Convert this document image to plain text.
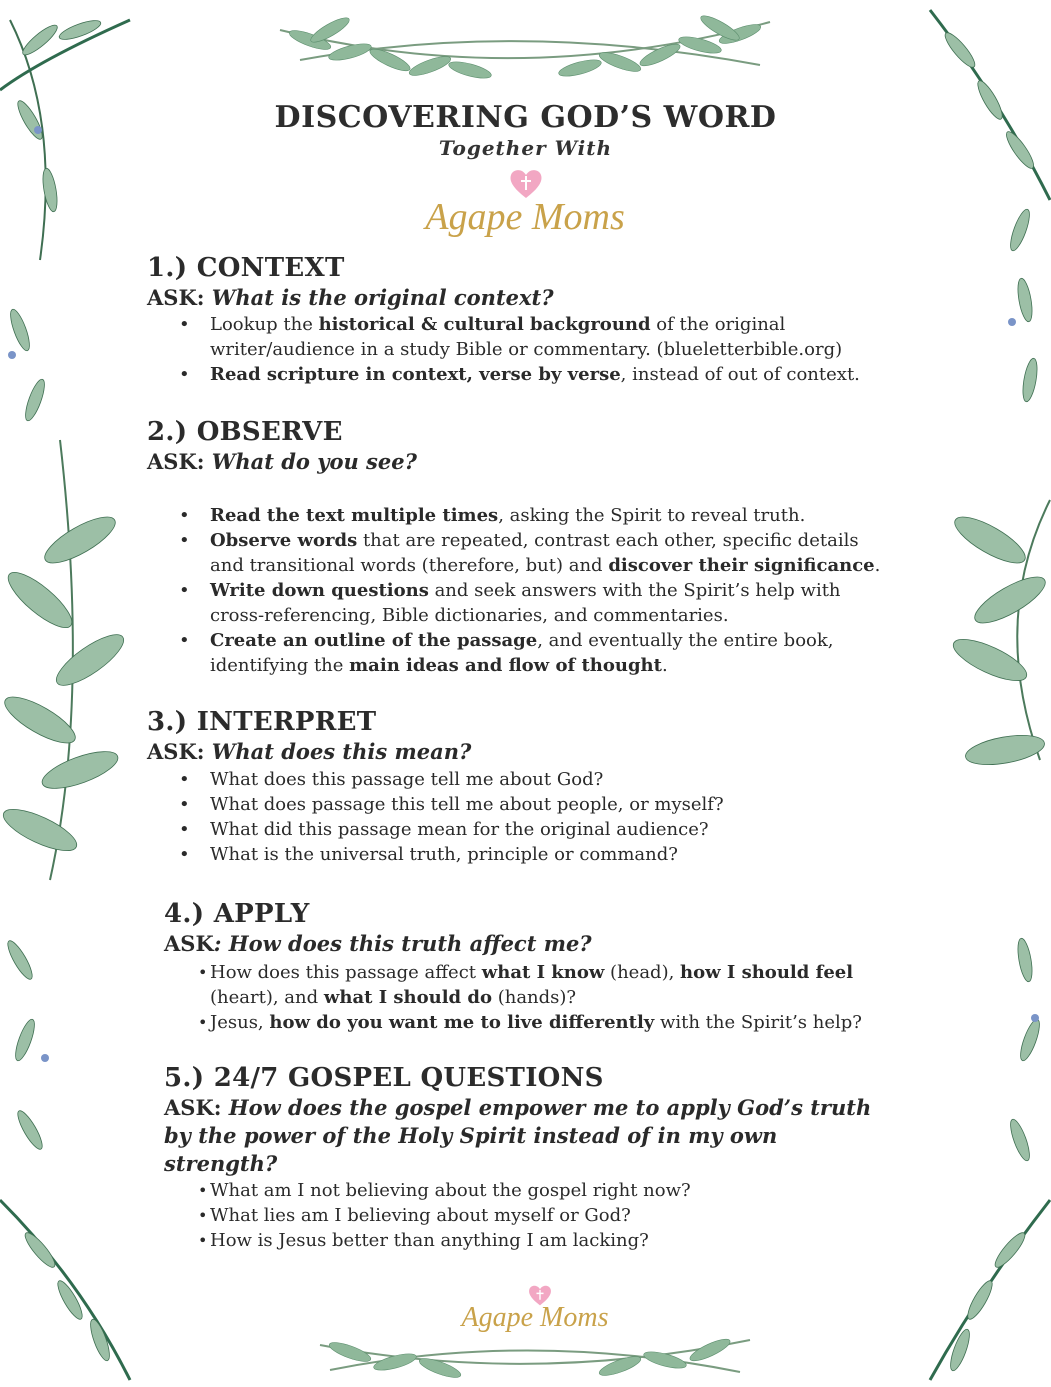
DISCOVERING GOD’S WORD
Together With
Agape Moms
1.) CONTEXT
ASK: What is the original context?
• Lookup the historical & cultural background of the original writer/audience in a study Bible or commentary. (blueletterbible.org)
• Read scripture in context, verse by verse, instead of out of context.
2.) OBSERVE
ASK: What do you see?
• Read the text multiple times, asking the Spirit to reveal truth.
• Observe words that are repeated, contrast each other, specific details and transitional words (therefore, but) and discover their significance.
• Write down questions and seek answers with the Spirit’s help with cross-referencing, Bible dictionaries, and commentaries.
• Create an outline of the passage, and eventually the entire book, identifying the main ideas and flow of thought.
3.) INTERPRET
ASK: What does this mean?
• What does this passage tell me about God?
• What does passage this tell me about people, or myself?
• What did this passage mean for the original audience?
• What is the universal truth, principle or command?
4.) APPLY
ASK: How does this truth affect me?
• How does this passage affect what I know (head), how I should feel (heart), and what I should do (hands)?
• Jesus, how do you want me to live differently with the Spirit’s help?
5.) 24/7 GOSPEL QUESTIONS
ASK: How does the gospel empower me to apply God’s truth by the power of the Holy Spirit instead of in my own strength?
• What am I not believing about the gospel right now?
• What lies am I believing about myself or God?
• How is Jesus better than anything I am lacking?
Agape Moms
